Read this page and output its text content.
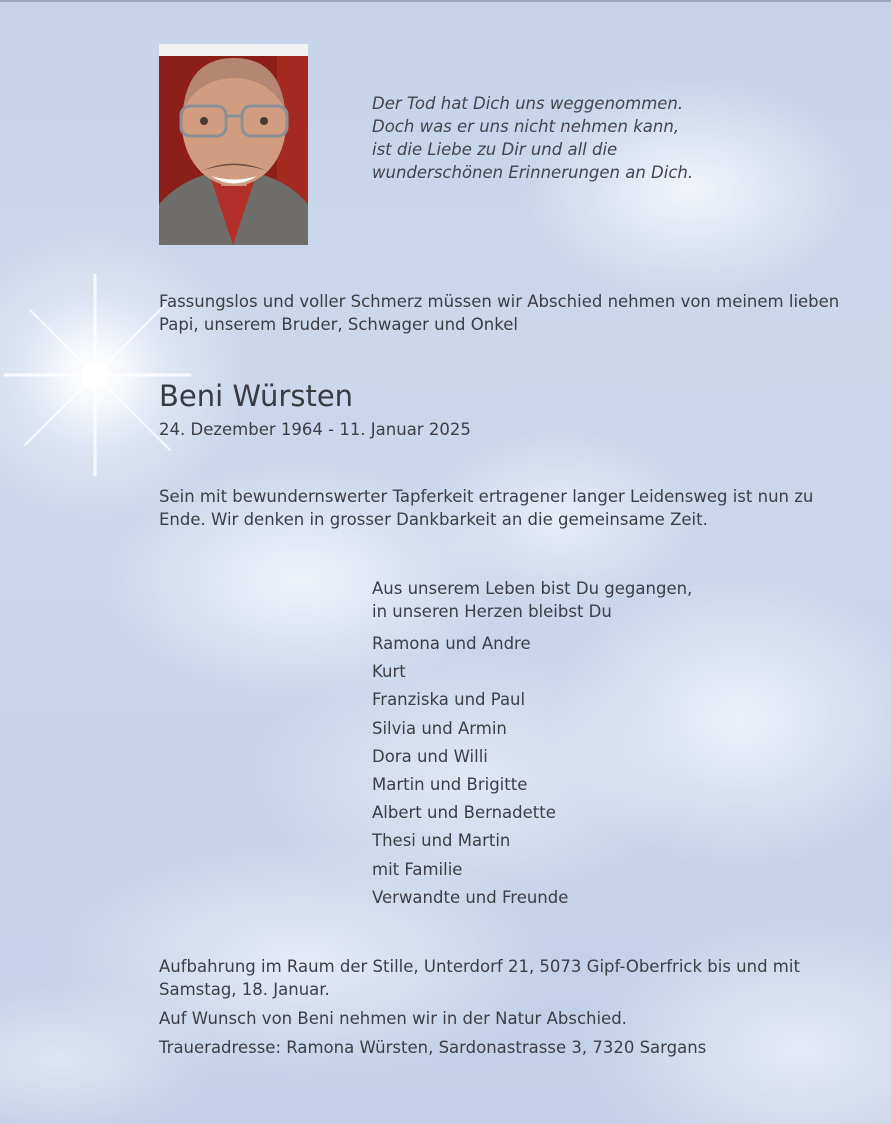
Der Tod hat Dich uns weggenommen.
Doch was er uns nicht nehmen kann,
ist die Liebe zu Dir und all die
wunderschönen Erinnerungen an Dich.
Fassungslos und voller Schmerz müssen wir Abschied nehmen von meinem lieben Papi, unserem Bruder, Schwager und Onkel
Beni Würsten
24. Dezember 1964 - 11. Januar 2025
Sein mit bewundernswerter Tapferkeit ertragener langer Leidensweg ist nun zu Ende. Wir denken in grosser Dankbarkeit an die gemeinsame Zeit.
Aus unserem Leben bist Du gegangen,
in unseren Herzen bleibst Du
Ramona und Andre
Kurt
Franziska und Paul
Silvia und Armin
Dora und Willi
Martin und Brigitte
Albert und Bernadette
Thesi und Martin
mit Familie
Verwandte und Freunde
Aufbahrung im Raum der Stille, Unterdorf 21, 5073 Gipf-Oberfrick bis und mit Samstag, 18. Januar.
Auf Wunsch von Beni nehmen wir in der Natur Abschied.
Traueradresse: Ramona Würsten, Sardonastrasse 3, 7320 Sargans
